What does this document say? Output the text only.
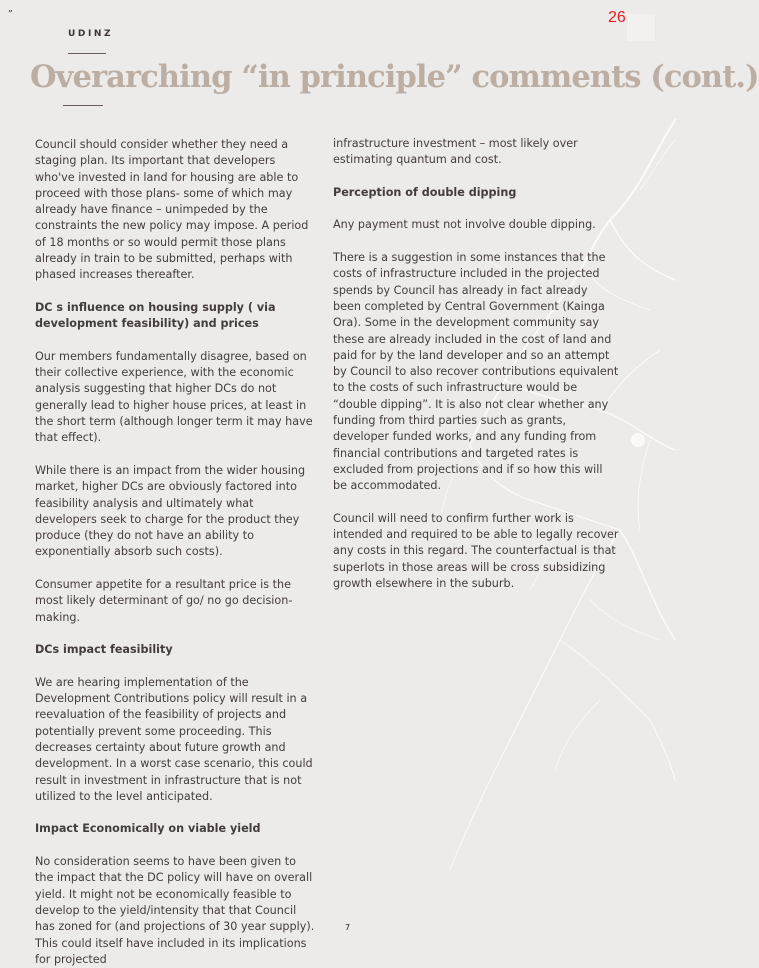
”	26
UDINZ
Overarching “in principle” comments (cont.)

Council should consider whether they need a staging plan. Its important that developers who've invested in land for housing are able to proceed with those plans- some of which may already have finance – unimpeded by the constraints the new policy may impose. A period of 18 months or so would permit those plans already in train to be submitted, perhaps with phased increases thereafter.

DC s influence on housing supply ( via development feasibility) and prices

Our members fundamentally disagree, based on their collective experience, with the economic analysis suggesting that higher DCs do not generally lead to higher house prices, at least in the short term (although longer term it may have that effect).

While there is an impact from the wider housing market, higher DCs are obviously factored into feasibility analysis and ultimately what developers seek to charge for the product they produce (they do not have an ability to exponentially absorb such costs).

Consumer appetite for a resultant price is the most likely determinant of go/ no go decision-making.

DCs impact feasibility

We are hearing implementation of the Development Contributions policy will result in a reevaluation of the feasibility of projects and potentially prevent some proceeding. This decreases certainty about future growth and development. In a worst case scenario, this could result in investment in infrastructure that is not utilized to the level anticipated.

Impact Economically on viable yield

No consideration seems to have been given to the impact that the DC policy will have on overall yield. It might not be economically feasible to develop to the yield/intensity that that Council has zoned for (and projections of 30 year supply). This could itself have included in its implications for projected

infrastructure investment – most likely over estimating quantum and cost.

Perception of double dipping

Any payment must not involve double dipping.

There is a suggestion in some instances that the costs of infrastructure included in the projected spends by Council has already in fact already been completed by Central Government (Kainga Ora). Some in the development community say these are already included in the cost of land and paid for by the land developer and so an attempt by Council to also recover contributions equivalent to the costs of such infrastructure would be “double dipping”. It is also not clear whether any funding from third parties such as grants, developer funded works, and any funding from financial contributions and targeted rates is excluded from projections and if so how this will be accommodated.

Council will need to confirm further work is intended and required to be able to legally recover any costs in this regard. The counterfactual is that superlots in those areas will be cross subsidizing growth elsewhere in the suburb.

7
